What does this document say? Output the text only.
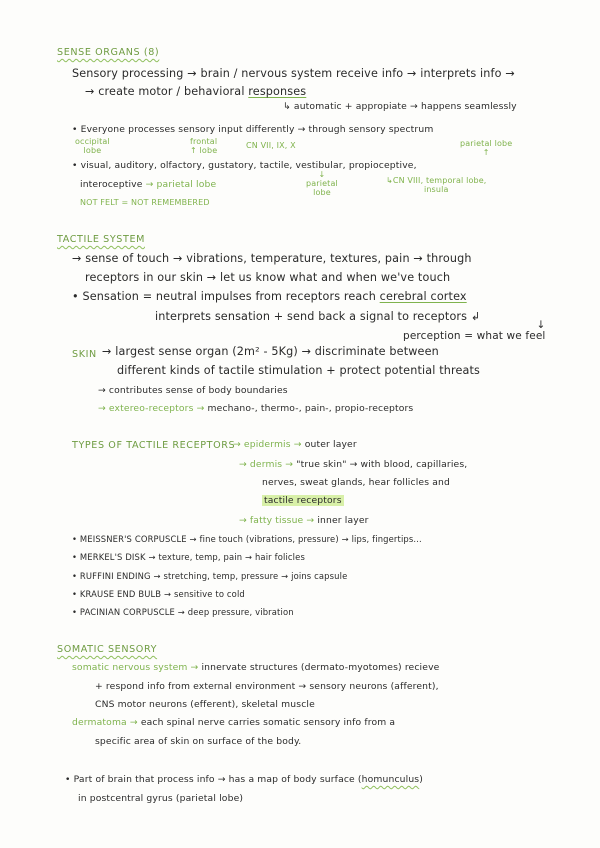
SENSE ORGANS (8)
Sensory processing → brain / nervous system receive info → interprets info →
→ create motor / behavioral responses
↳ automatic + appropiate → happens seamlessly
• Everyone processes sensory input differently → through sensory spectrum
occipital
lobe
frontal
↑ lobe
CN VII, IX, X	parietal lobe
↑
• visual, auditory, olfactory, gustatory, tactile, vestibular, propioceptive,
interoceptive → parietal lobe
↓
parietal
lobe
↳CN VIII, temporal lobe,
insula
NOT FELT = NOT REMEMBERED
TACTILE SYSTEM
→ sense of touch → vibrations, temperature, textures, pain → through
receptors in our skin → let us know what and when we've touch
• Sensation = neutral impulses from receptors reach cerebral cortex
interprets sensation + send back a signal to receptors ↲
↓
perception = what we feel
SKIN → largest sense organ (2m² - 5Kg) → discriminate between
different kinds of tactile stimulation + protect potential threats
→ contributes sense of body boundaries
→ extereo-receptors → mechano-, thermo-, pain-, propio-receptors
TYPES OF TACTILE RECEPTORS
→ epidermis → outer layer
→ dermis → "true skin" → with blood, capillaries,
nerves, sweat glands, hear follicles and
tactile receptors
→ fatty tissue → inner layer
• MEISSNER'S CORPUSCLE → fine touch (vibrations, pressure) → lips, fingertips...
• MERKEL'S DISK → texture, temp, pain → hair folicles
• RUFFINI ENDING → stretching, temp, pressure → joins capsule
• KRAUSE END BULB → sensitive to cold
• PACINIAN CORPUSCLE → deep pressure, vibration
SOMATIC SENSORY
somatic nervous system → innervate structures (dermato-myotomes) recieve
+ respond info from external environment → sensory neurons (afferent),
CNS motor neurons (efferent), skeletal muscle
dermatoma → each spinal nerve carries somatic sensory info from a
specific area of skin on surface of the body.
• Part of brain that process info → has a map of body surface (homunculus)
in postcentral gyrus (parietal lobe)
